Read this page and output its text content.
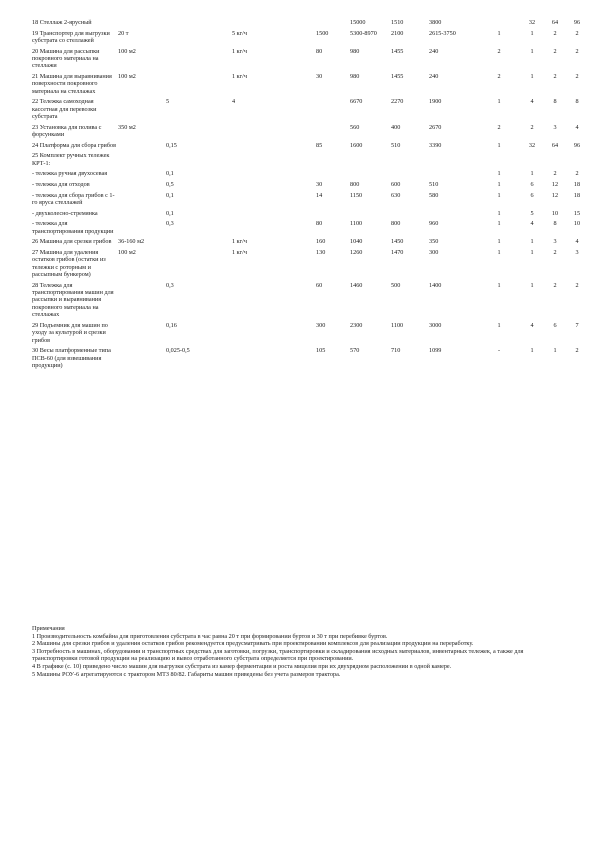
18 Стеллаж 2-ярусный					15000	1510	3800		32	64	96
19 Транспортер для выгрузки субстрата со стеллажей	20 т		5 кг/ч	1500	5300-8970	2100	2615-3750	1	1	2	2
20 Машина для рассыпки покровного материала на стеллажи	100 м2		1 кг/ч	80	980	1455	240	2	1	2	2
21 Машина для выравнивания поверхности покровного материала на стеллажах	100 м2		1 кг/ч	30	980	1455	240	2	1	2	2
22 Тележка самоходная кассетная для перевозки субстрата		5	4		6670	2270	1900	1	4	8	8
23 Установка для полива с форсунками	350 м2				560	400	2670	2	2	3	4
24 Платформа для сбора грибов		0,15		85	1600	510	3390	1	32	64	96
25 Комплект ручных тележек КРТ-1:											
- тележка ручная двухосевая		0,1						1	1	2	2
- тележка для отходов		0,5		30	800	600	510	1	6	12	18
- тележка для сбора грибов с 1-го яруса стеллажей		0,1		14	1150	630	580	1	6	12	18
- двухколесно-стремянка		0,1						1	5	10	15
- тележка для транспортирования продукции		0,3		80	1100	800	960	1	4	8	10
26 Машина для срезки грибов	36-160 м2		1 кг/ч	160	1040	1450	350	1	1	3	4
27 Машина для удаления остатков грибов (остатки из тележки с роторным и рассыпным бункером)	100 м2		1 кг/ч	130	1260	1470	300	1	1	2	3
28 Тележка для транспортирования машин для рассыпки и выравнивания покровного материала на стеллажах		0,3		60	1460	500	1400	1	1	2	2
29 Подъемник для машин по уходу за культурой и срезки грибов		0,16		300	2300	1100	3000	1	4	6	7
30 Весы платформенные типа ПСВ-60 (для взвешивания продукции)		0,025-0,5		105	570	710	1099	-	1	1	2

Примечания

1 Производительность комбайна для приготовления субстрата в час равна 20 т при формировании буртов и 30 т при перебивке буртов.

2 Машины для срезки грибов и удаления остатков грибов рекомендуется предусматривать при проектировании комплексов для реализации продукции на переработку.

3 Потребность в машинах, оборудовании и транспортных средствах для заготовки, погрузки, транспортировки и складирования исходных материалов, инвентарных тележек, а также для транспортировки готовой продукции на реализацию и вывоз отработанного субстрата определяется при проектировании.

4 В графике (с. 10) приведено число машин для выгрузки субстрата из камер ферментации и роста мицелия при их двухрядном расположении в одной камере.

5 Машины РОУ-6 агрегатируются с трактором МТЗ 80/82. Габариты машин приведены без учета размеров трактора.
